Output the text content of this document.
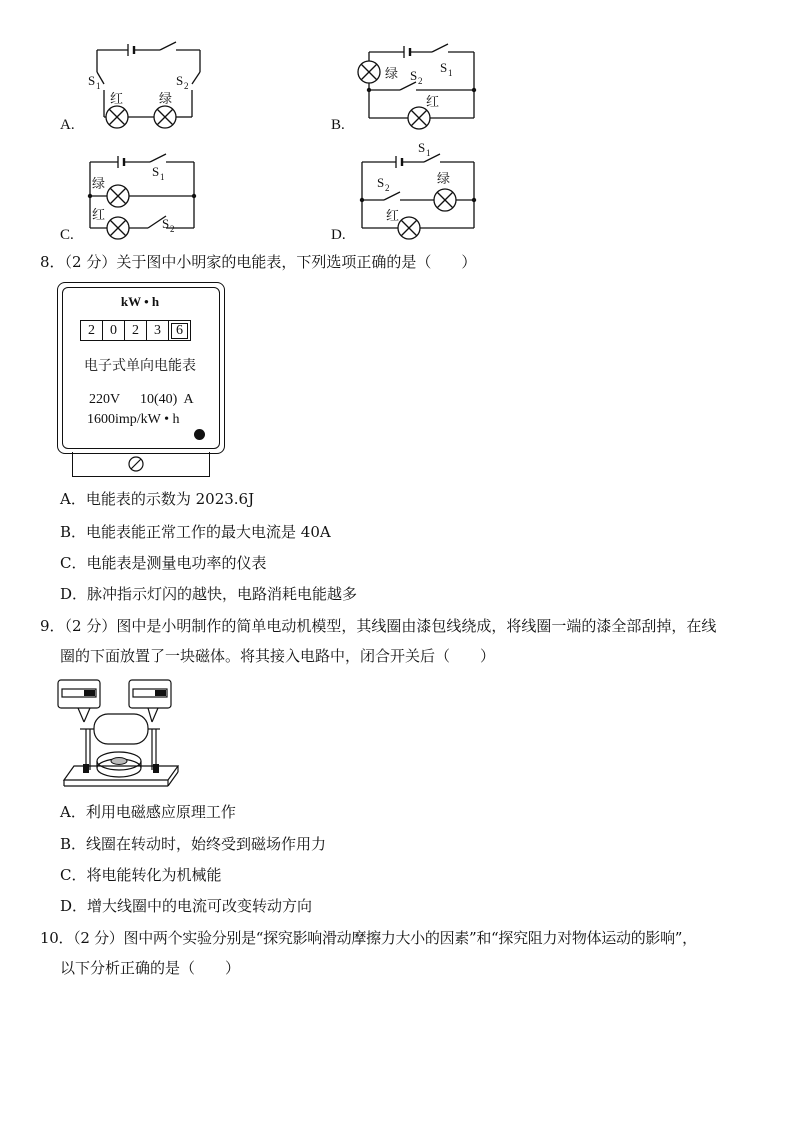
S 1	S 2
红	绿
A.
S 1
S 2
绿
红
B.
S 1
S 2
绿
红
C.
S 1
S 2
绿
红
D.
8．（2 分）关于图中小明家的电能表，下列选项正确的是（　　）
kW • h
2	0	2	3	6
电子式单向电能表
220V 10(40)  A
1600imp/kW • h
A．电能表的示数为 2023.6J
B．电能表能正常工作的最大电流是 40A
C．电能表是测量电功率的仪表
D．脉冲指示灯闪的越快，电路消耗电能越多
9．（2 分）图中是小明制作的简单电动机模型，其线圈由漆包线绕成，将线圈一端的漆全部刮掉，在线
圈的下面放置了一块磁体。将其接入电路中，闭合开关后（　　）
A．利用电磁感应原理工作
B．线圈在转动时，始终受到磁场作用力
C．将电能转化为机械能
D．增大线圈中的电流可改变转动方向
10．（2 分）图中两个实验分别是“探究影响滑动摩擦力大小的因素”和“探究阻力对物体运动的影响”，
以下分析正确的是（　　）
